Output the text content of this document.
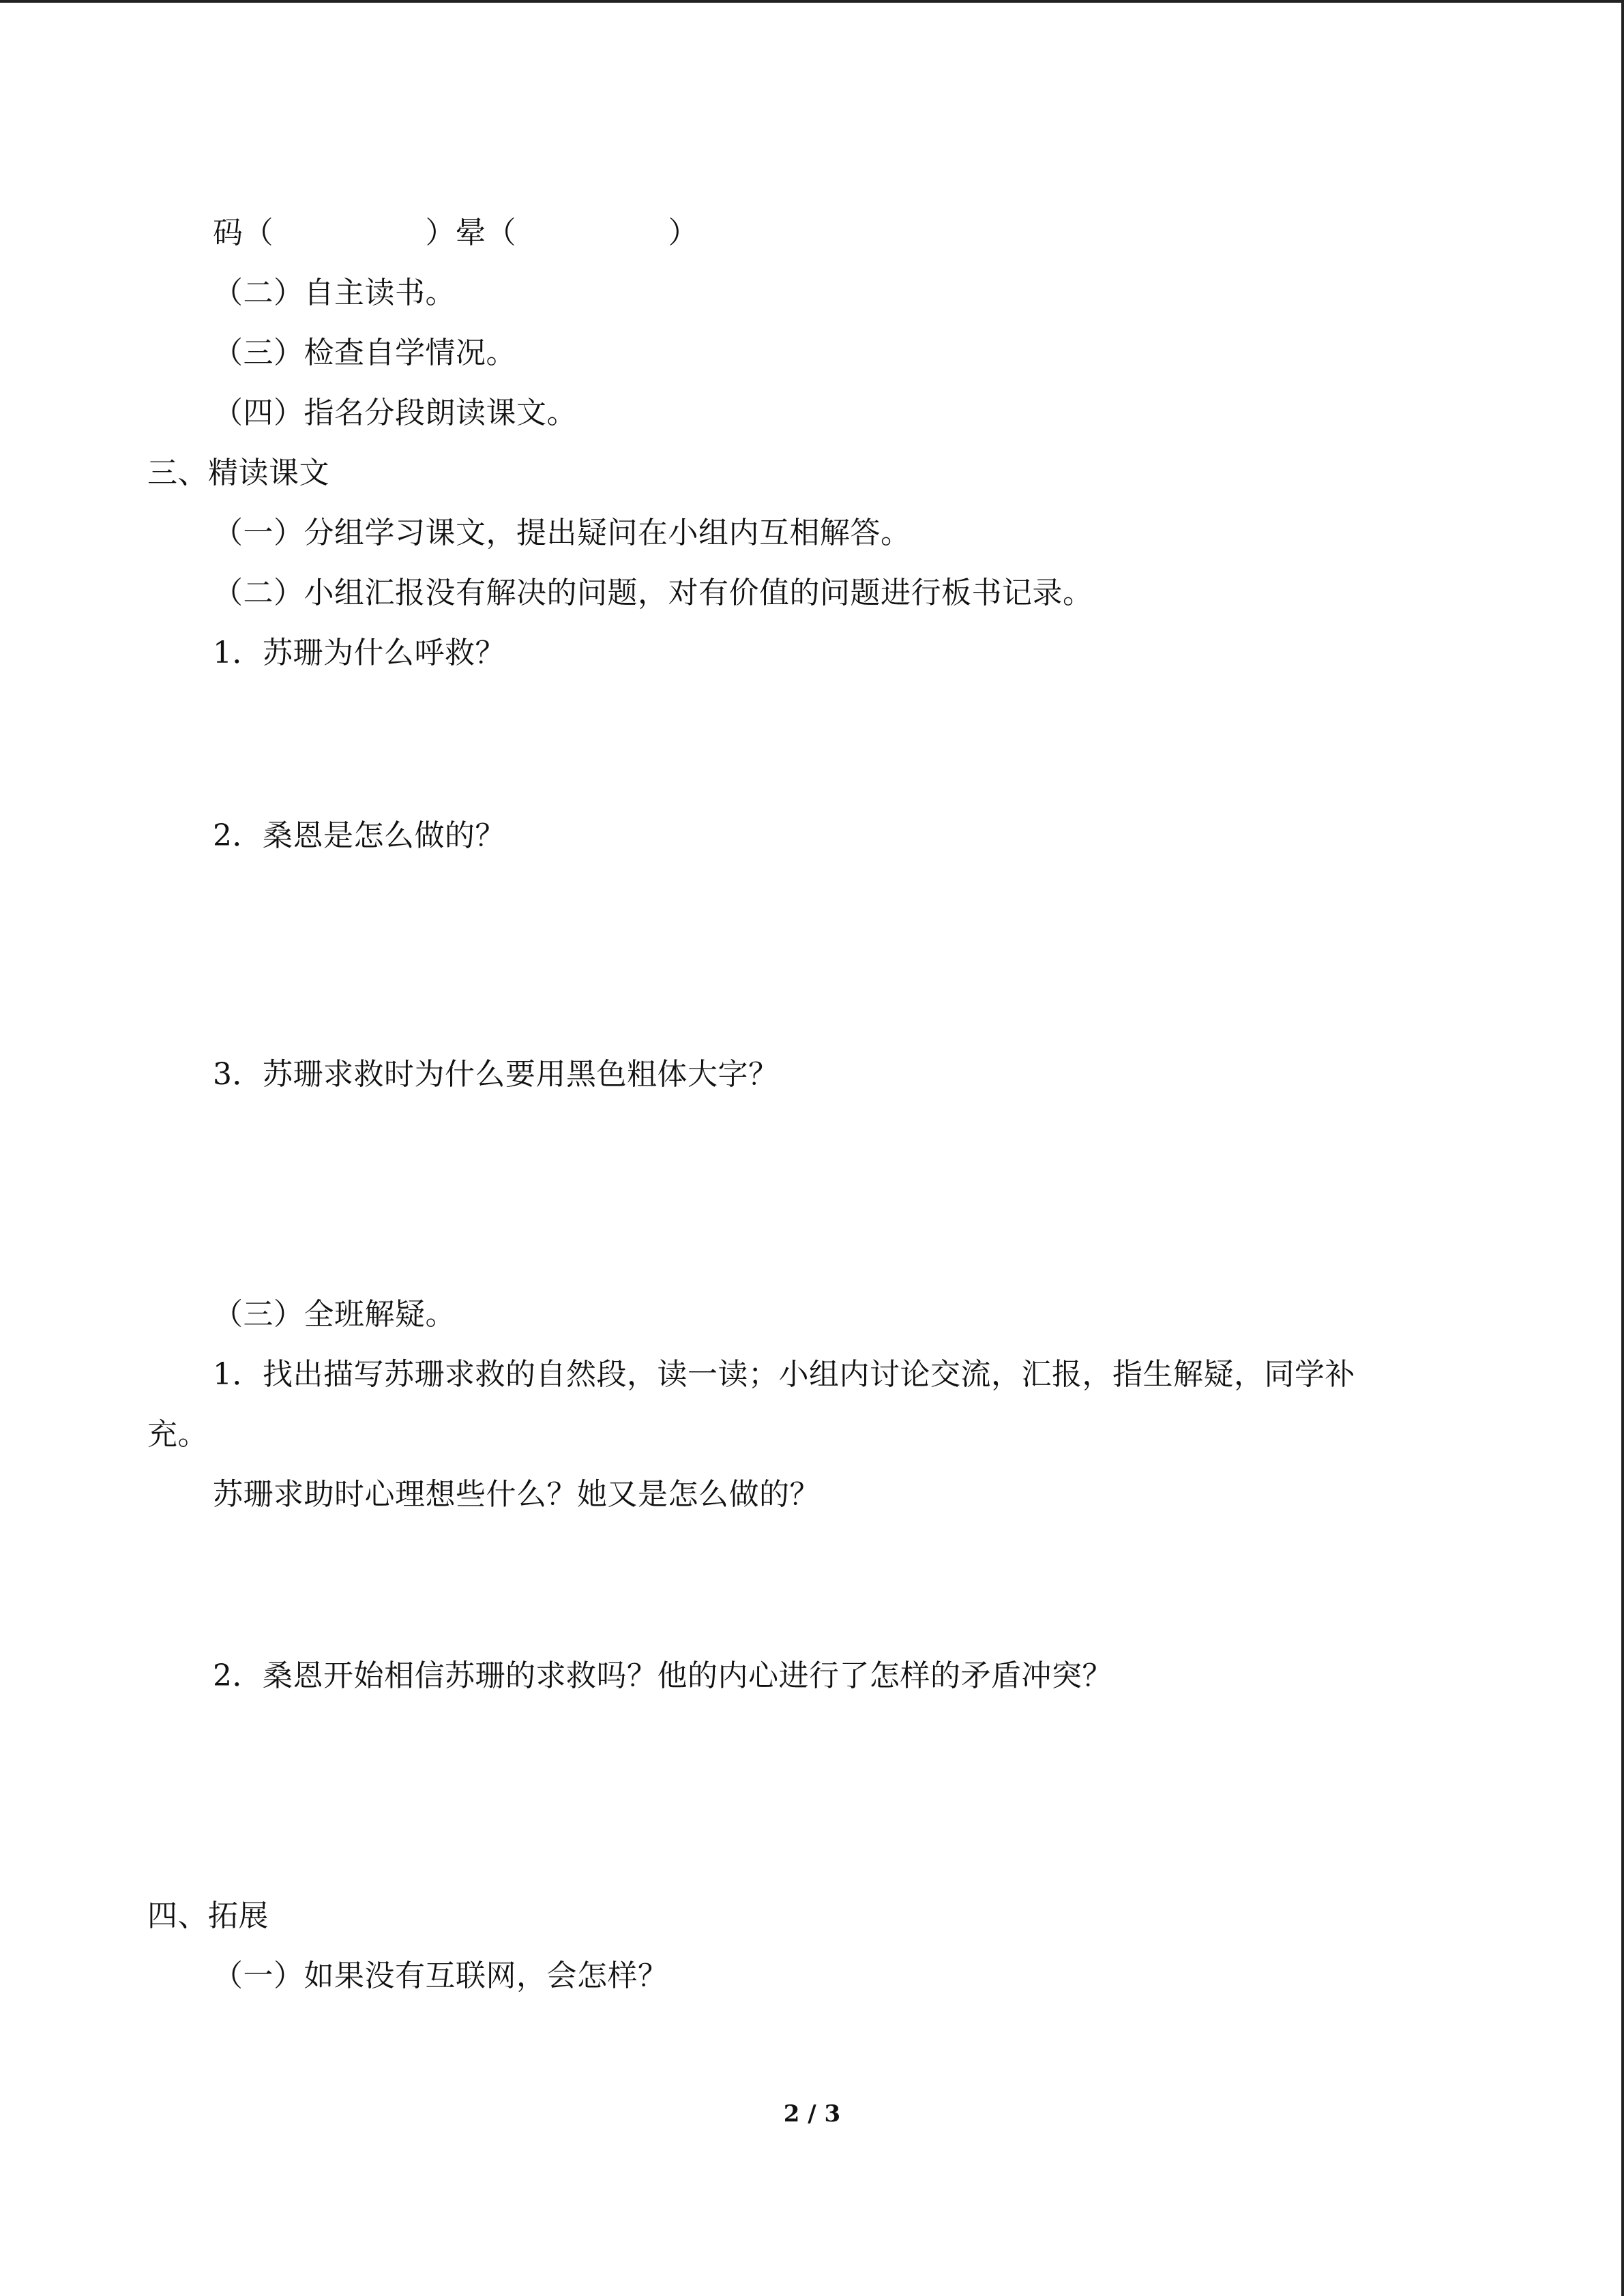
码（　　　　　）晕（　　　　　）
（二）自主读书。
（三）检查自学情况。
（四）指名分段朗读课文。
三、精读课文
（一）分组学习课文，提出疑问在小组内互相解答。
（二）小组汇报没有解决的问题，对有价值的问题进行板书记录。
1．苏珊为什么呼救？
2．桑恩是怎么做的？
3．苏珊求救时为什么要用黑色粗体大字？
（三）全班解疑。
1．找出描写苏珊求救的自然段，读一读；小组内讨论交流，汇报，指生解疑，同学补
充。
苏珊求助时心理想些什么？她又是怎么做的？
2．桑恩开始相信苏珊的求救吗？他的内心进行了怎样的矛盾冲突？
四、拓展
（一）如果没有互联网，会怎样？
2 / 3
